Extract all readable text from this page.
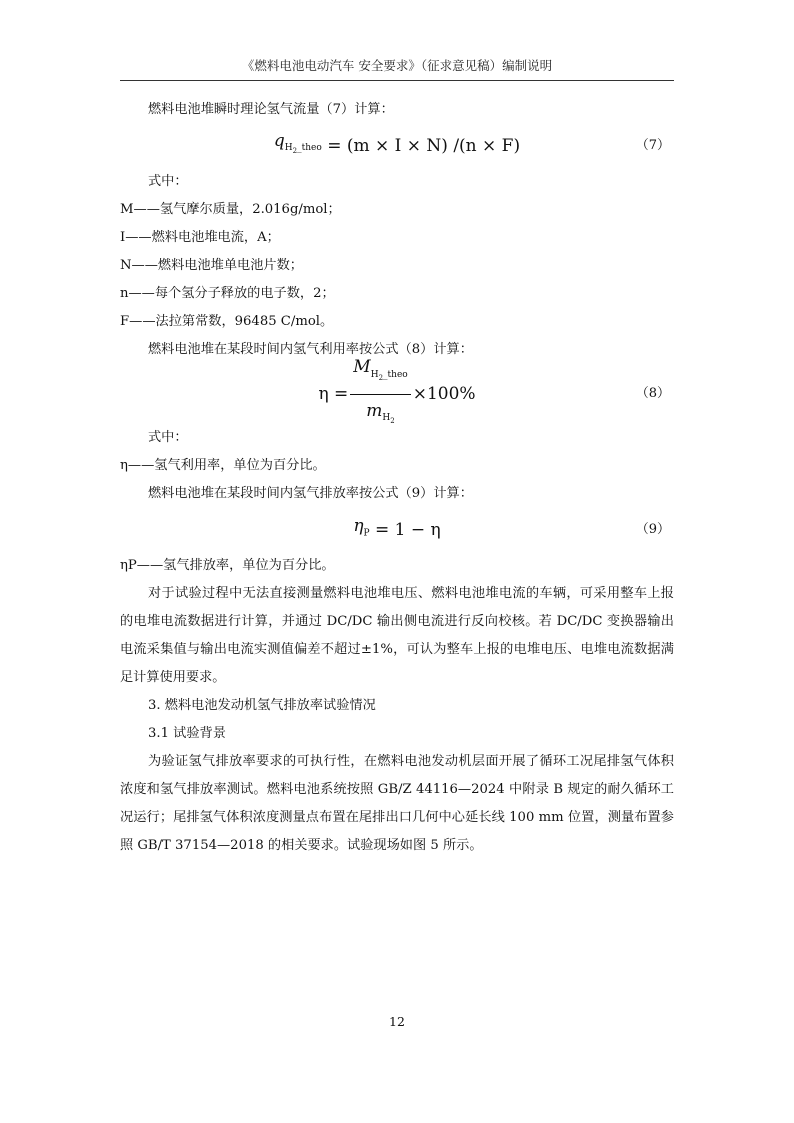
《燃料电池电动汽车 安全要求》（征求意见稿）编制说明

燃料电池堆瞬时理论氢气流量（7）计算：

$q_{H_2\_theo} = (m \times I \times N) /(n \times F)$	（7）

式中：

M——氢气摩尔质量，2.016g/mol；

I——燃料电池堆电流，A；

N——燃料电池堆单电池片数；

n——每个氢分子释放的电子数，2；

F——法拉第常数，96485 C/mol。

燃料电池堆在某段时间内氢气利用率按公式（8）计算：

$\eta = \frac{M_{H_2\_theo}}{m_{H_2}} \times 100\%$	（8）

式中：

η——氢气利用率，单位为百分比。

燃料电池堆在某段时间内氢气排放率按公式（9）计算：

$\eta_P = 1 - \eta$	（9）

ηP——氢气排放率，单位为百分比。

对于试验过程中无法直接测量燃料电池堆电压、燃料电池堆电流的车辆，可采用整车上报的电堆电流数据进行计算，并通过 DC/DC 输出侧电流进行反向校核。若 DC/DC 变换器输出电流采集值与输出电流实测值偏差不超过±1%，可认为整车上报的电堆电压、电堆电流数据满足计算使用要求。

3. 燃料电池发动机氢气排放率试验情况

3.1 试验背景

为验证氢气排放率要求的可执行性，在燃料电池发动机层面开展了循环工况尾排氢气体积浓度和氢气排放率测试。燃料电池系统按照 GB/Z 44116—2024 中附录 B 规定的耐久循环工况运行；尾排氢气体积浓度测量点布置在尾排出口几何中心延长线 100 mm 位置，测量布置参照 GB/T 37154—2018 的相关要求。试验现场如图 5 所示。

12
